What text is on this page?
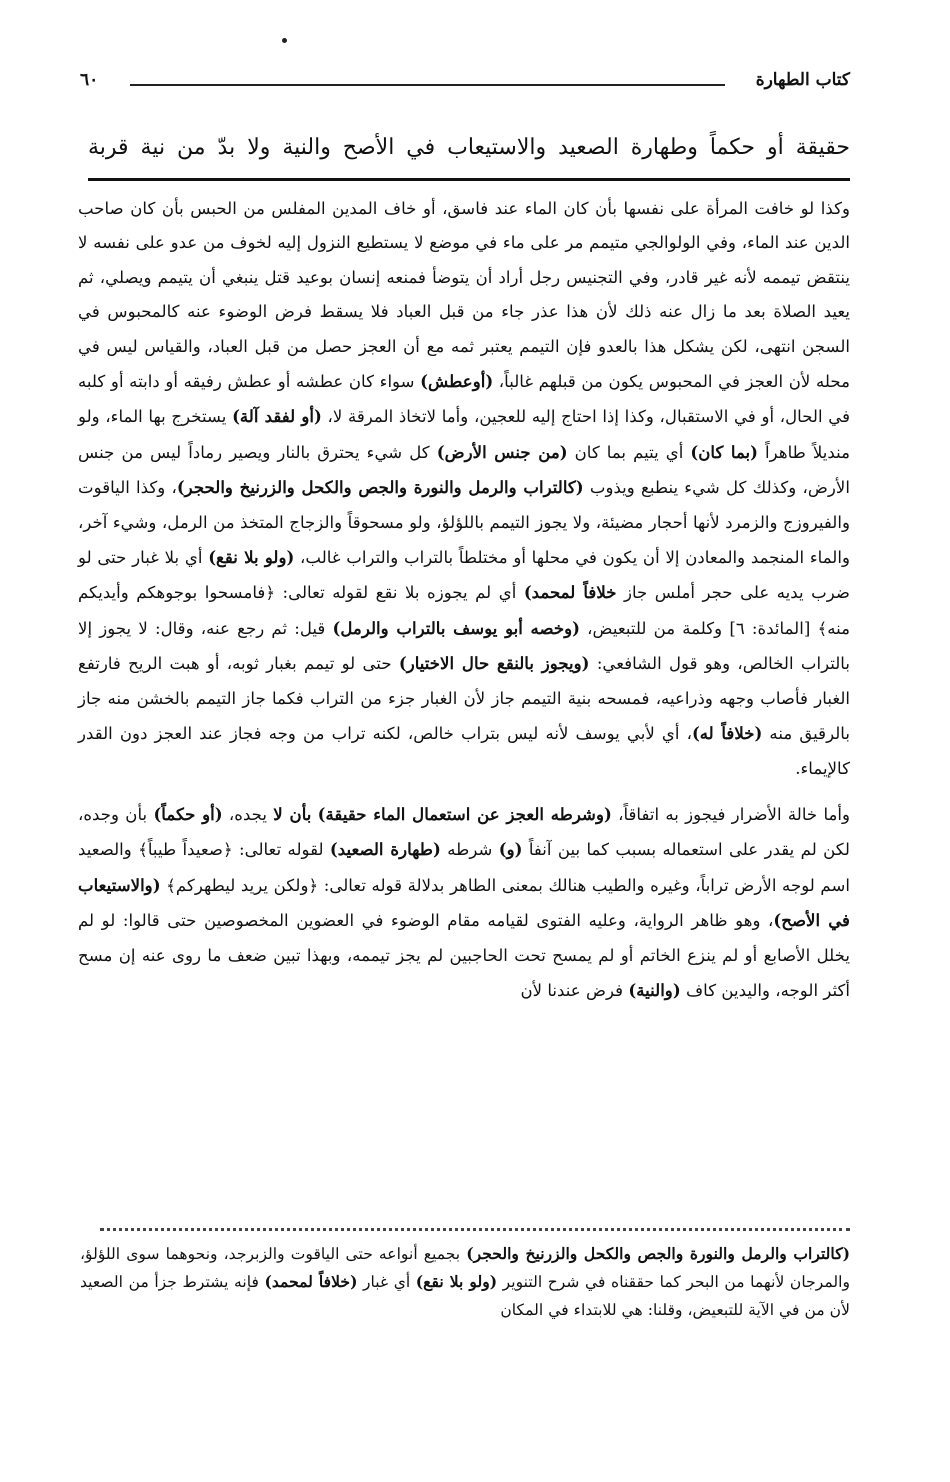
كتاب الطهارة
٦٠
حقيقة أو حكماً وطهارة الصعيد والاستيعاب في الأصح والنية ولا بدّ من نية قربة

وكذا لو خافت المرأة على نفسها بأن كان الماء عند فاسق، أو خاف المدين المفلس من الحبس بأن كان صاحب الدين عند الماء، وفي الولوالجي متيمم مر على ماء في موضع لا يستطيع النزول إليه لخوف من عدو على نفسه لا ينتقض تيممه لأنه غير قادر، وفي التجنيس رجل أراد أن يتوضأ فمنعه إنسان بوعيد قتل ينبغي أن يتيمم ويصلي، ثم يعيد الصلاة بعد ما زال عنه ذلك لأن هذا عذر جاء من قبل العباد فلا يسقط فرض الوضوء عنه كالمحبوس في السجن انتهى، لكن يشكل هذا بالعدو فإن التيمم يعتبر ثمه مع أن العجز حصل من قبل العباد، والقياس ليس في محله لأن العجز في المحبوس يكون من قبلهم غالباً، (أوعطش) سواء كان عطشه أو عطش رفيقه أو دابته أو كلبه في الحال، أو في الاستقبال، وكذا إذا احتاج إليه للعجين، وأما لاتخاذ المرقة لا، (أو لفقد آلة) يستخرج بها الماء، ولو منديلاً طاهراً (بما كان) أي يتيم بما كان (من جنس الأرض) كل شيء يحترق بالنار ويصير رماداً ليس من جنس الأرض، وكذلك كل شيء ينطبع ويذوب (كالتراب والرمل والنورة والجص والكحل والزرنيخ والحجر)، وكذا الياقوت والفيروزج والزمرد لأنها أحجار مضيئة، ولا يجوز التيمم باللؤلؤ، ولو مسحوقاً والزجاج المتخذ من الرمل، وشيء آخر، والماء المنجمد والمعادن إلا أن يكون في محلها أو مختلطاً بالتراب والتراب غالب، (ولو بلا نقع) أي بلا غبار حتى لو ضرب يديه على حجر أملس جاز خلافاً لمحمد) أي لم يجوزه بلا نقع لقوله تعالى: ﴿فامسحوا بوجوهكم وأيديكم منه﴾ [المائدة: ٦] وكلمة من للتبعيض، (وخصه أبو يوسف بالتراب والرمل) قيل: ثم رجع عنه، وقال: لا يجوز إلا بالتراب الخالص، وهو قول الشافعي: (ويجوز بالنقع حال الاختيار) حتى لو تيمم بغبار ثوبه، أو هبت الريح فارتفع الغبار فأصاب وجهه وذراعيه، فمسحه بنية التيمم جاز لأن الغبار جزء من التراب فكما جاز التيمم بالخشن منه جاز بالرقيق منه (خلافاً له)، أي لأبي يوسف لأنه ليس بتراب خالص، لكنه تراب من وجه فجاز عند العجز دون القدر كالإيماء.

وأما خالة الأضرار فيجوز به اتفاقاً، (وشرطه العجز عن استعمال الماء حقيقة) بأن لا يجده، (أو حكماً) بأن وجده، لكن لم يقدر على استعماله بسبب كما بين آنفاً (و) شرطه (طهارة الصعيد) لقوله تعالى: ﴿صعيداً طيباً﴾ والصعيد اسم لوجه الأرض تراباً، وغيره والطيب هنالك بمعنى الطاهر بدلالة قوله تعالى: ﴿ولكن يريد ليطهركم﴾ (والاستيعاب في الأصح)، وهو ظاهر الرواية، وعليه الفتوى لقيامه مقام الوضوء في العضوين المخصوصين حتى قالوا: لو لم يخلل الأصابع أو لم ينزع الخاتم أو لم يمسح تحت الحاجبين لم يجز تيممه، وبهذا تبين ضعف ما روى عنه إن مسح أكثر الوجه، واليدين كاف (والنية) فرض عندنا لأن

(كالتراب والرمل والنورة والجص والكحل والزرنيخ والحجر) بجميع أنواعه حتى الياقوت والزبرجد، ونحوهما سوى اللؤلؤ، والمرجان لأنهما من البحر كما حققناه في شرح التنوير (ولو بلا نقع) أي غبار (خلافاً لمحمد) فإنه يشترط جزأ من الصعيد لأن من في الآية للتبعيض، وقلنا: هي للابتداء في المكان
